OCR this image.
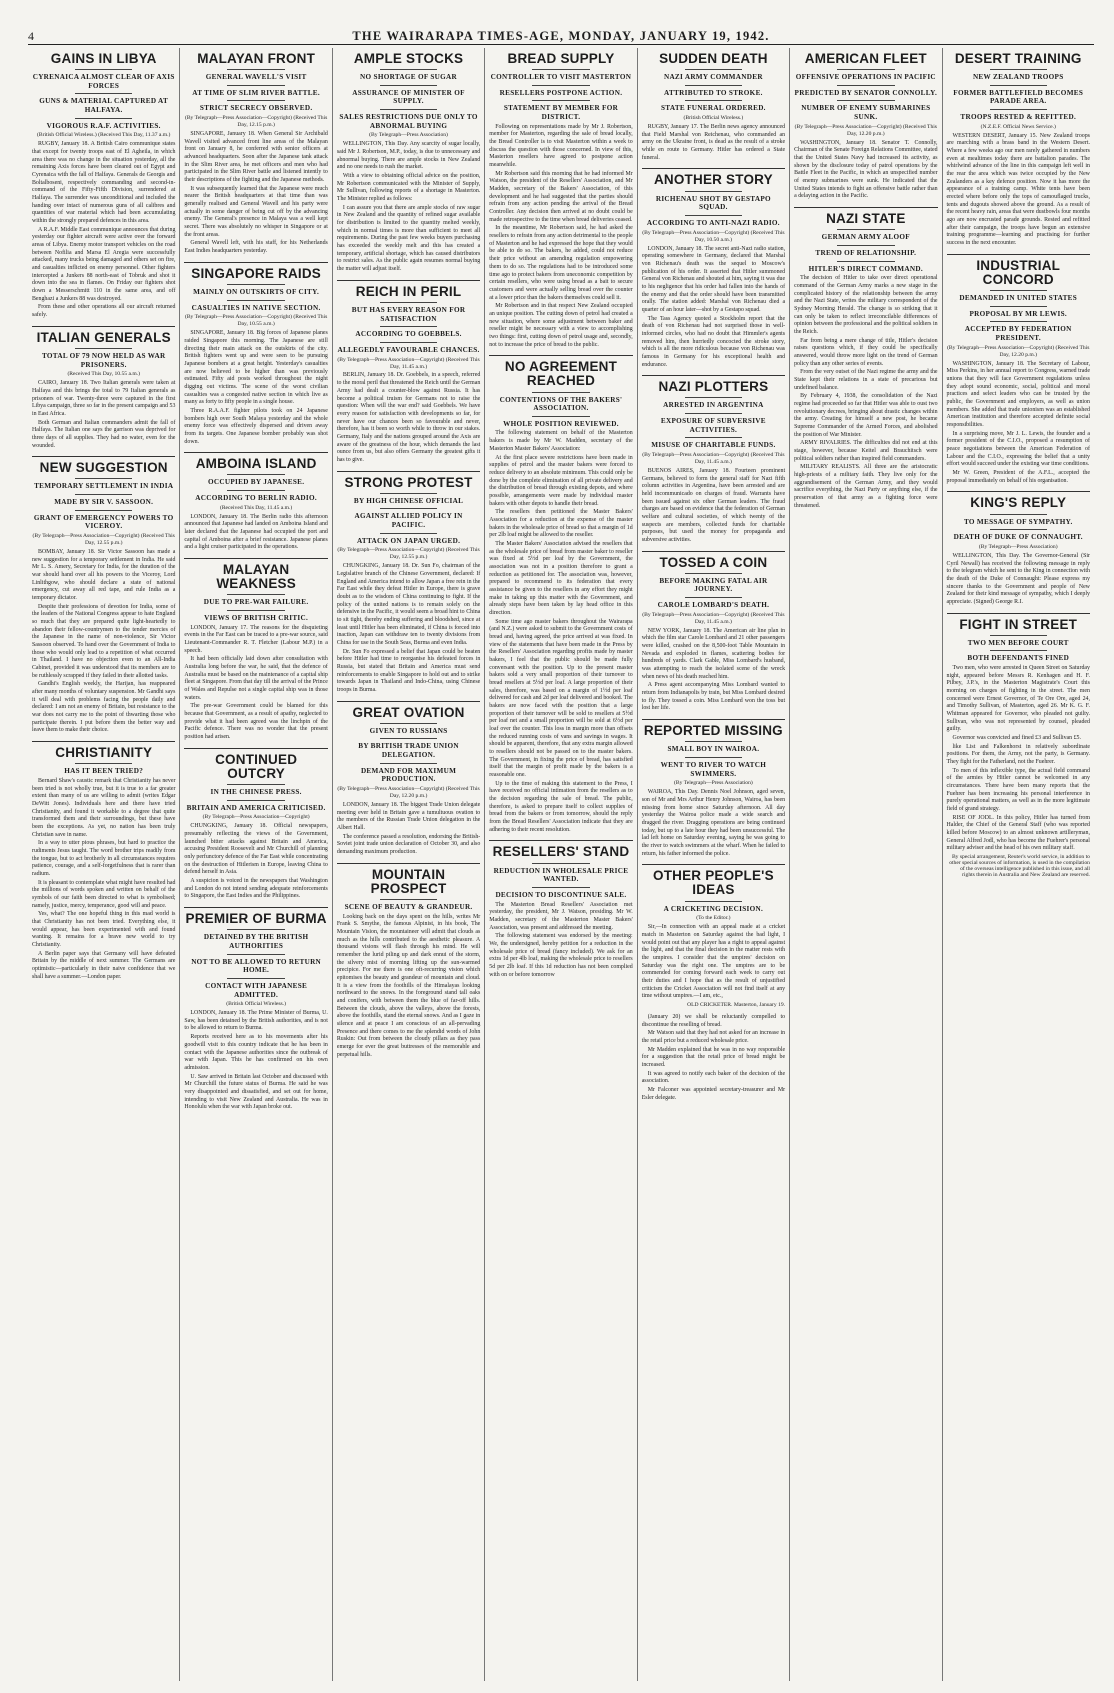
4	THE WAIRARAPA TIMES-AGE, MONDAY, JANUARY 19, 1942.
GAINS IN LIBYA
CYRENAICA ALMOST CLEAR OF AXIS FORCES
GUNS & MATERIAL CAPTURED AT HALFAYA.
VIGOROUS R.A.F. ACTIVITIES.
(British Official Wireless.) (Received This Day, 11.37 a.m.)

RUGBY, January 18. A British Cairo communique states that except for twenty troops east of El Agheila, in which area there was no change in the situation yesterday, all the remaining Axis forces have been cleared out of Egypt and Cyrenaica with the fall of Halfaya. Generals de Georgis and Boltalboseni, respectively commanding and second-in-command of the Fifty-Fifth Division, surrendered at Halfaya. The surrender was unconditional and included the handing over intact of numerous guns of all calibres and quantities of war material which had been accumulating within the strongly prepared defences in this area.

A R.A.F. Middle East communique announces that during yesterday our fighter aircraft were active over the forward areas of Libya. Enemy motor transport vehicles on the road between Nofilia and Marsa El Aregia were successfully attacked, many trucks being damaged and others set on fire, and casualties inflicted on enemy personnel. Other fighters intercepted a Junkers 88 north-east of Tobruk and shot it down into the sea in flames. On Friday our fighters shot down a Messerschmitt 110 in the same area, and off Benghazi a Junkers 88 was destroyed.

From these and other operations all our aircraft returned safely.

ITALIAN GENERALS
TOTAL OF 79 NOW HELD AS WAR PRISONERS.
(Received This Day, 10.55 a.m.)

CAIRO, January 18. Two Italian generals were taken at Halfaya and this brings the total to 79 Italian generals as prisoners of war. Twenty-three were captured in the first Libya campaign, three so far in the present campaign and 53 in East Africa.

Both German and Italian commanders admit the fall of Halfaya. The Italian one says the garrison was deprived for three days of all supplies. They had no water, even for the wounded.

NEW SUGGESTION
TEMPORARY SETTLEMENT IN INDIA
MADE BY SIR V. SASSOON.
GRANT OF EMERGENCY POWERS TO VICEROY.
(By Telegraph—Press Association—Copyright) (Received This Day, 12.55 p.m.)

BOMBAY, January 18. Sir Victor Sassoon has made a new suggestion for a temporary settlement in India. He said Mr L. S. Amery, Secretary for India, for the duration of the war should hand over all his powers to the Viceroy, Lord Linlithgow, who should declare a state of national emergency, cut away all red tape, and rule India as a temporary dictator.

Despite their professions of devotion for India, some of the leaders of the National Congress appear to hate England so much that they are prepared quite light-heartedly to abandon their fellow-countrymen to the tender mercies of the Japanese in the name of non-violence, Sir Victor Sassoon observed. To hand over the Government of India to those who would only lead to a repetition of what occurred in Thailand. I have no objection even to an All-India Cabinet, provided it was understood that its members are to be ruthlessly scrapped if they failed in their allotted tasks.

Gandhi's English weekly, the Harijan, has reappeared after many months of voluntary suspension. Mr Gandhi says it will deal with problems facing the people daily and declared: I am not an enemy of Britain, but resistance to the war does not carry me to the point of thwarting those who participate therein. I put before them the better way and leave them to make their choice.

CHRISTIANITY
HAS IT BEEN TRIED?

Bernard Shaw's caustic remark that Christianity has never been tried is not wholly true, but it is true to a far greater extent than many of us are willing to admit (writes Edgar DeWitt Jones). Individuals here and there have tried Christianity, and found it workable to a degree that quite transformed them and their surroundings, but these have been the exceptions. As yet, no nation has been truly Christian save in name.

In a way to utter pious phrases, but hard to practice the rudiments Jesus taught. The word brother trips readily from the tongue, but to act brotherly in all circumstances requires patience, courage, and a self-forgetfulness that is rarer than radium.

It is pleasant to contemplate what might have resulted had the millions of words spoken and written on behalf of the symbols of our faith been directed to what is symbolised; namely, justice, mercy, temperance, good will and peace.

Yes, what? The one hopeful thing in this mad world is that Christianity has not been tried. Everything else, it would appear, has been experimented with and found wanting. It remains for a brave new world to try Christianity.

A Berlin paper says that Germany will have defeated Britain by the middle of next summer. The Germans are optimistic—particularly in their naive confidence that we shall have a summer.—London paper.

MALAYAN FRONT
GENERAL WAVELL'S VISIT
AT TIME OF SLIM RIVER BATTLE.
STRICT SECRECY OBSERVED.
(By Telegraph—Press Association—Copyright) (Received This Day, 12.15 p.m.)

SINGAPORE, January 18. When General Sir Archibald Wavell visited advanced front line areas of the Malayan front on January 8, he conferred with senior officers at advanced headquarters. Soon after the Japanese tank attack in the Slim River area, he met officers and men who had participated in the Slim River battle and listened intently to their descriptions of the fighting and the Japanese methods.

It was subsequently learned that the Japanese were much nearer the British headquarters at that time than was generally realised and General Wavell and his party were actually in some danger of being cut off by the advancing enemy. The General's presence in Malaya was a well kept secret. There was absolutely no whisper in Singapore or at the front areas.

General Wavell left, with his staff, for his Netherlands East Indies headquarters yesterday.

SINGAPORE RAIDS
MAINLY ON OUTSKIRTS OF CITY.
CASUALTIES IN NATIVE SECTION.
(By Telegraph—Press Association—Copyright) (Received This Day, 10.55 a.m.)

SINGAPORE, January 18. Big forces of Japanese planes raided Singapore this morning. The Japanese are still directing their main attack on the outskirts of the city. British fighters went up and were seen to be pursuing Japanese bombers at a great height. Yesterday's casualties are now believed to be higher than was previously estimated. Fifty aid posts worked throughout the night digging out victims. The scene of the worst civilian casualties was a congested native section in which live as many as forty to fifty people in a single house.

Three R.A.A.F. fighter pilots took on 24 Japanese bombers high over South Malaya yesterday and the whole enemy force was effectively dispersed and driven away from its targets. One Japanese bomber probably was shot down.

AMBOINA ISLAND
OCCUPIED BY JAPANESE.
ACCORDING TO BERLIN RADIO.
(Received This Day, 11.45 a.m.)

LONDON, January 18. The Berlin radio this afternoon announced that Japanese had landed on Amboina Island and later declared that the Japanese had occupied the port and capital of Amboina after a brief resistance. Japanese planes and a light cruiser participated in the operations.

MALAYAN WEAKNESS
DUE TO PRE-WAR FAILURE.
VIEWS OF BRITISH CRITIC.

LONDON, January 17. The reasons for the disquieting events in the Far East can be traced to a pre-war source, said Lieutenant-Commander R. T. Fletcher (Labour M.P.) in a speech.

It had been officially laid down after consultation with Australia long before the war, he said, that the defence of Australia must be based on the maintenance of a capital ship fleet at Singapore. From that day till the arrival of the Prince of Wales and Repulse not a single capital ship was in those waters.

The pre-war Government could be blamed for this because that Government, as a result of apathy, neglected to provide what it had been agreed was the linchpin of the Pacific defence. There was no wonder that the present position had arisen.

CONTINUED OUTCRY
IN THE CHINESE PRESS.
BRITAIN AND AMERICA CRITICISED.
(By Telegraph—Press Association—Copyright)

CHUNGKING, January 18. Official newspapers, presumably reflecting the views of the Government, launched bitter attacks against Britain and America, accusing President Roosevelt and Mr Churchill of planning only perfunctory defence of the Far East while concentrating on the destruction of Hitlerism in Europe, leaving China to defend herself in Asia.

A suspicion is voiced in the newspapers that Washington and London do not intend sending adequate reinforcements to Singapore, the East Indies and the Philippines.

PREMIER OF BURMA
DETAINED BY THE BRITISH AUTHORITIES
NOT TO BE ALLOWED TO RETURN HOME.
CONTACT WITH JAPANESE ADMITTED.
(British Official Wireless.)

LONDON, January 18. The Prime Minister of Burma, U. Saw, has been detained by the British authorities, and is not to be allowed to return to Burma.

Reports received here as to his movements after his goodwill visit to this country indicate that he has been in contact with the Japanese authorities since the outbreak of war with Japan. This he has confirmed on his own admission.

U. Saw arrived in Britain last October and discussed with Mr Churchill the future status of Burma. He said he was very disappointed and dissatisfied, and set out for home, intending to visit New Zealand and Australia. He was in Honolulu when the war with Japan broke out.

AMPLE STOCKS
NO SHORTAGE OF SUGAR
ASSURANCE OF MINISTER OF SUPPLY.
SALES RESTRICTIONS DUE ONLY TO ABNORMAL BUYING
(By Telegraph—Press Association)

WELLINGTON, This Day. Any scarcity of sugar locally, said Mr J. Robertson, M.P., today, is due to unnecessary and abnormal buying. There are ample stocks in New Zealand and no one needs to rush the market.

With a view to obtaining official advice on the position, Mr Robertson communicated with the Minister of Supply, Mr Sullivan, following reports of a shortage in Masterton. The Minister replied as follows:

I can assure you that there are ample stocks of raw sugar in New Zealand and the quantity of refined sugar available for distribution is limited to the quantity melted weekly, which in normal times is more than sufficient to meet all requirements. During the past few weeks buyers purchasing has exceeded the weekly melt and this has created a temporary, artificial shortage, which has caused distributors to restrict sales. As the public again resumes normal buying the matter will adjust itself.

REICH IN PERIL
BUT HAS EVERY REASON FOR SATISFACTION
ACCORDING TO GOEBBELS.
ALLEGEDLY FAVOURABLE CHANCES.
(By Telegraph—Press Association—Copyright) (Received This Day, 11.45 a.m.)

BERLIN, January 18. Dr. Goebbels, in a speech, referred to the moral peril that threatened the Reich until the German Army had dealt a counter-blow against Russia. It has become a political truism for Germans not to raise the question: When will the war end? said Goebbels. We have every reason for satisfaction with developments so far, for never have our chances been so favourable and never, therefore, has it been so worth while to throw in our stakes. Germany, Italy and the nations grouped around the Axis are aware of the greatness of the hour, which demands the last ounce from us, but also offers Germany the greatest gifts it has to give.

STRONG PROTEST
BY HIGH CHINESE OFFICIAL
AGAINST ALLIED POLICY IN PACIFIC.
ATTACK ON JAPAN URGED.
(By Telegraph—Press Association—Copyright) (Received This Day, 12.55 p.m.)

CHUNGKING, January 18. Dr. Sun Fo, chairman of the Legislative branch of the Chinese Government, declared: If England and America intend to allow Japan a free rein in the Far East while they defeat Hitler in Europe, there is grave doubt as to the wisdom of China continuing to fight. If the policy of the united nations is to remain solely on the defensive in the Pacific, it would seem a broad hint to China to sit tight, thereby ending suffering and bloodshed, since at least until Hitler has been eliminated, if China is forced into inaction, Japan can withdraw ten to twenty divisions from China for use in the South Seas, Burma and even India.

Dr. Sun Fo expressed a belief that Japan could be beaten before Hitler had time to reorganise his defeated forces in Russia, but stated that Britain and America must send reinforcements to enable Singapore to hold out and to strike towards Japan in Thailand and Indo-China, using Chinese troops in Burma.

GREAT OVATION
GIVEN TO RUSSIANS
BY BRITISH TRADE UNION DELEGATION.
DEMAND FOR MAXIMUM PRODUCTION.
(By Telegraph—Press Association—Copyright) (Received This Day, 12.20 p.m.)

LONDON, January 18. The biggest Trade Union delegate meeting ever held in Britain gave a tumultuous ovation to the members of the Russian Trade Union delegation in the Albert Hall.

The conference passed a resolution, endorsing the British-Soviet joint trade union declaration of October 30, and also demanding maximum production.

MOUNTAIN PROSPECT
SCENE OF BEAUTY & GRANDEUR.

Looking back on the days spent on the hills, writes Mr Frank S. Smythe, the famous Alpinist, in his book, The Mountain Vision, the mountaineer will admit that clouds as much as the hills contributed to the aesthetic pleasure. A thousand visions will flash through his mind. He will remember the lurid piling up and dark ennui of the storm, the silvery mist of morning lifting up the sun-warmed precipice. For me there is one oft-recurring vision which epitomises the beauty and grandeur of mountain and cloud. It is a view from the foothills of the Himalayas looking northward to the snows. In the foreground stand tall oaks and conifers, with between them the blue of far-off hills. Between the clouds, above the valleys, above the forests, above the foothills, stand the eternal snows. And as I gaze in silence and at peace I am conscious of an all-pervading Presence and there comes to me the splendid words of John Ruskin: Out from between the cloudy pillars as they pass emerge for ever the great buttresses of the memorable and perpetual hills.

BREAD SUPPLY
CONTROLLER TO VISIT MASTERTON
RESELLERS POSTPONE ACTION.
STATEMENT BY MEMBER FOR DISTRICT.

Following on representations made by Mr J. Robertson, member for Masterton, regarding the sale of bread locally, the Bread Controller is to visit Masterton within a week to discuss the question with those concerned. In view of this, Masterton resellers have agreed to postpone action meanwhile.

Mr Robertson said this morning that he had informed Mr Watson, the president of the Resellers' Association, and Mr Madden, secretary of the Bakers' Association, of this development and he had suggested that the parties should refrain from any action pending the arrival of the Bread Controller. Any decision then arrived at no doubt could be made retrospective to the time when bread deliveries ceased.

In the meantime, Mr Robertson said, he had asked the resellers to refrain from any action detrimental to the people of Masterton and he had expressed the hope that they would be able to do so. The bakers, he added, could not reduce their price without an amending regulation empowering them to do so. The regulations had to be introduced some time ago to protect bakers from uneconomic competition by certain resellers, who were using bread as a bait to secure customers and were actually selling bread over the counter at a lower price than the bakers themselves could sell it.

Mr Robertson and in that respect New Zealand occupied an unique position. The cutting down of petrol had created a new situation, where some adjustment between baker and reseller might be necessary with a view to accomplishing two things: first, cutting down of petrol usage and, secondly, not to increase the price of bread to the public.

NO AGREEMENT REACHED
CONTENTIONS OF THE BAKERS' ASSOCIATION.
WHOLE POSITION REVIEWED.

The following statement on behalf of the Masterton bakers is made by Mr W. Madden, secretary of the Masterton Master Bakers' Association:

At the first place severe restrictions have been made in supplies of petrol and the master bakers were forced to reduce delivery to an absolute minimum. This could only be done by the complete elimination of all private delivery and the distribution of bread through existing depots, and where possible, arrangements were made by individual master bakers with other depots to handle their bread.

The resellers then petitioned the Master Bakers' Association for a reduction at the expense of the master bakers in the wholesale price of bread so that a margin of 1d per 2lb loaf might be allowed to the reseller.

The Master Bakers' Association advised the resellers that as the wholesale price of bread from master baker to reseller was fixed at 5½d per loaf by the Government, the association was not in a position therefore to grant a reduction as petitioned for. The association was, however, prepared to recommend to its federation that every assistance be given to the resellers in any effort they might make in taking up this matter with the Government, and already steps have been taken by lay head office in this direction.

Some time ago master bakers throughout the Wairarapa (and N.Z.) were asked to submit to the Government costs of bread and, having agreed, the price arrived at was fixed. In view of the statements that have been made in the Press by the Resellers' Association regarding profits made by master bakers, I feel that the public should be made fully conversant with the position. Up to the present master bakers sold a very small proportion of their turnover to bread resellers at 5½d per loaf. A large proportion of their sales, therefore, was based on a margin of 1½d per loaf delivered for cash and 2d per loaf delivered and booked. The bakers are now faced with the position that a large proportion of their turnover will be sold to resellers at 5½d per loaf net and a small proportion will be sold at 6½d per loaf over the counter. This loss in margin more than offsets the reduced running costs of vans and savings in wages. It should be apparent, therefore, that any extra margin allowed to resellers should not be passed on to the master bakers. The Government, in fixing the price of bread, has satisfied itself that the margin of profit made by the bakers is a reasonable one.

Up to the time of making this statement to the Press, I have received no official intimation from the resellers as to the decision regarding the sale of bread. The public, therefore, is asked to prepare itself to collect supplies of bread from the bakers or from tomorrow, should the reply from the Bread Resellers' Association indicate that they are adhering to their recent resolution.

RESELLERS' STAND
REDUCTION IN WHOLESALE PRICE WANTED.
DECISION TO DISCONTINUE SALE.

The Masterton Bread Resellers' Association met yesterday, the president, Mr J. Watson, presiding. Mr W. Madden, secretary of the Masterton Master Bakers' Association, was present and addressed the meeting.

The following statement was endorsed by the meeting: We, the undersigned, hereby petition for a reduction in the wholesale price of bread (fancy included). We ask for an extra 1d per 4lb loaf, making the wholesale price to resellers 5d per 2lb loaf. If this 1d reduction has not been complied with on or before tomorrow

SUDDEN DEATH
NAZI ARMY COMMANDER
ATTRIBUTED TO STROKE.
STATE FUNERAL ORDERED.
(British Official Wireless.)

RUGBY, January 17. The Berlin news agency announced that Field Marshal von Reichenau, who commanded an army on the Ukraine front, is dead as the result of a stroke while en route to Germany. Hitler has ordered a State funeral.

ANOTHER STORY
RICHENAU SHOT BY GESTAPO SQUAD.
ACCORDING TO ANTI-NAZI RADIO.
(By Telegraph—Press Association—Copyright) (Received This Day, 10.50 a.m.)

LONDON, January 18. The secret anti-Nazi radio station, operating somewhere in Germany, declared that Marshal von Richenau's death was the sequel to Moscow's publication of his order. It asserted that Hitler summoned General von Richenau and shouted at him, saying it was due to his negligence that his order had fallen into the hands of the enemy and that the order should have been transmitted orally. The station added: Marshal von Richenau died a quarter of an hour later—shot by a Gestapo squad.

The Tass Agency quoted a Stockholm report that the death of von Richenau had not surprised those in well-informed circles, who had no doubt that Himmler's agents removed him, then hurriedly concocted the stroke story, which is all the more ridiculous because von Richenau was famous in Germany for his exceptional health and endurance.

NAZI PLOTTERS
ARRESTED IN ARGENTINA
EXPOSURE OF SUBVERSIVE ACTIVITIES.
MISUSE OF CHARITABLE FUNDS.
(By Telegraph—Press Association—Copyright) (Received This Day, 11.45 a.m.)

BUENOS AIRES, January 18. Fourteen prominent Germans, believed to form the general staff for Nazi fifth column activities in Argentina, have been arrested and are held incommunicado on charges of fraud. Warrants have been issued against six other German leaders. The fraud charges are based on evidence that the federation of German welfare and cultural societies, of which twenty of the suspects are members, collected funds for charitable purposes, but used the money for propaganda and subversive activities.

TOSSED A COIN
BEFORE MAKING FATAL AIR JOURNEY.
CAROLE LOMBARD'S DEATH.
(By Telegraph—Press Association—Copyright) (Received This Day, 11.45 a.m.)

NEW YORK, January 18. The American air line plan in which the film star Carole Lombard and 21 other passengers were killed, crashed on the 8,500-foot Table Mountain in Nevada and exploded in flames, scattering bodies for hundreds of yards. Clark Gable, Miss Lombard's husband, was attempting to reach the isolated scene of the wreck when news of his death reached him.

A Press agent accompanying Miss Lombard wanted to return from Indianapolis by train, but Miss Lombard desired to fly. They tossed a coin. Miss Lombard won the toss but lost her life.

REPORTED MISSING
SMALL BOY IN WAIROA.
WENT TO RIVER TO WATCH SWIMMERS.
(By Telegraph—Press Association)

WAIROA, This Day. Dennis Noel Johnson, aged seven, son of Mr and Mrs Arthur Henry Johnson, Wairoa, has been missing from home since Saturday afternoon. All day yesterday the Wairoa police made a wide search and dragged the river. Dragging operations are being continued today, but up to a late hour they had been unsuccessful. The lad left home on Saturday evening, saying he was going to the river to watch swimmers at the wharf. When he failed to return, his father informed the police.

OTHER PEOPLE'S IDEAS
A CRICKETING DECISION.
(To the Editor.)

Sir,—In connection with an appeal made at a cricket match in Masterton on Saturday against the bad light, I would point out that any player has a right to appeal against the light, and that the final decision in the matter rests with the umpires. I consider that the umpires' decision on Saturday was the right one. The umpires are to be commended for coming forward each week to carry out their duties and I hope that as the result of unjustified criticism the Cricket Association will not find itself at any time without umpires.—I am, etc.,

OLD CRICKETER. Masterton, January 19.

(January 20) we shall be reluctantly compelled to discontinue the reselling of bread.

Mr Watson said that they had not asked for an increase in the retail price but a reduced wholesale price.

Mr Madden explained that he was in no way responsible for a suggestion that the retail price of bread might be increased.

It was agreed to notify each baker of the decision of the association.

Mr Falconer was appointed secretary-treasurer and Mr Esler delegate.

AMERICAN FLEET
OFFENSIVE OPERATIONS IN PACIFIC
PREDICTED BY SENATOR CONNOLLY.
NUMBER OF ENEMY SUBMARINES SUNK.
(By Telegraph—Press Association—Copyright) (Received This Day, 12.20 p.m.)

WASHINGTON, January 18. Senator T. Connolly, Chairman of the Senate Foreign Relations Committee, stated that the United States Navy had increased its activity, as shown by the disclosure today of patrol operations by the Battle Fleet in the Pacific, in which an unspecified number of enemy submarines were sunk. He indicated that the United States intends to fight an offensive battle rather than a delaying action in the Pacific.

NAZI STATE
GERMAN ARMY ALOOF
TREND OF RELATIONSHIP.
HITLER'S DIRECT COMMAND.

The decision of Hitler to take over direct operational command of the German Army marks a new stage in the complicated history of the relationship between the army and the Nazi State, writes the military correspondent of the Sydney Morning Herald. The change is so striking that it can only be taken to reflect irreconcilable differences of opinion between the professional and the political soldiers in the Reich.

Far from being a mere change of title, Hitler's decision raises questions which, if they could be specifically answered, would throw more light on the trend of German policy than any other series of events.

From the very outset of the Nazi regime the army and the State kept their relations in a state of precarious but undefined balance.

By February 4, 1938, the consolidation of the Nazi regime had proceeded so far that Hitler was able to oust two revolutionary decrees, bringing about drastic changes within the army. Creating for himself a new post, he became Supreme Commander of the Armed Forces, and abolished the position of War Minister.

ARMY RIVALRIES. The difficulties did not end at this stage, however, because Keitel and Brauchitsch were political soldiers rather than inspired field commanders.

MILITARY REALISTS. All three are the aristocratic high-priests of a military faith. They live only for the aggrandisement of the German Army, and they would sacrifice everything, the Nazi Party or anything else, if the preservation of that army as a fighting force were threatened.

DESERT TRAINING
NEW ZEALAND TROOPS
FORMER BATTLEFIELD BECOMES PARADE AREA.
TROOPS RESTED & REFITTED.
(N.Z.E.F. Official News Service.)

WESTERN DESERT, January 15. New Zealand troops are marching with a brass band in the Western Desert. Where a few weeks ago our men rarely gathered in numbers even at mealtimes today there are battalion parades. The whirlwind advance of the line in this campaign left well in the rear the area which was twice occupied by the New Zealanders as a key defence position. Now it has more the appearance of a training camp. White tents have been erected where before only the tops of camouflaged trucks, tents and dugouts showed above the ground. As a result of the recent heavy rain, areas that were dustbowls four months ago are now encrusted parade grounds. Rested and refitted after their campaign, the troops have begun an extensive training programme—learning and practising for further success in the next encounter.

INDUSTRIAL CONCORD
DEMANDED IN UNITED STATES
PROPOSAL BY MR LEWIS.
ACCEPTED BY FEDERATION PRESIDENT.
(By Telegraph—Press Association—Copyright) (Received This Day, 12.20 p.m.)

WASHINGTON, January 18. The Secretary of Labour, Miss Perkins, in her annual report to Congress, warned trade unions that they will face Government regulations unless they adopt sound economic, social, political and moral practices and select leaders who can be trusted by the public, the Government and employers, as well as union members. She added that trade unionism was an established American institution and therefore accepted definite social responsibilities.

In a surprising move, Mr J. L. Lewis, the founder and a former president of the C.I.O., proposed a resumption of peace negotiations between the American Federation of Labour and the C.I.O., expressing the belief that a unity effort would succeed under the existing war time conditions.

Mr W. Green, President of the A.F.L., accepted the proposal immediately on behalf of his organisation.

KING'S REPLY
TO MESSAGE OF SYMPATHY.
DEATH OF DUKE OF CONNAUGHT.
(By Telegraph—Press Association)

WELLINGTON, This Day. The Governor-General (Sir Cyril Newall) has received the following message in reply to the telegram which he sent to the King in connection with the death of the Duke of Connaught: Please express my sincere thanks to the Government and people of New Zealand for their kind message of sympathy, which I deeply appreciate. (Signed) George R.I.

FIGHT IN STREET
TWO MEN BEFORE COURT
BOTH DEFENDANTS FINED

Two men, who were arrested in Queen Street on Saturday night, appeared before Messrs R. Kenhagen and H. F. Pilbey, J.P.'s, in the Masterton Magistrate's Court this morning on charges of fighting in the street. The men concerned were Ernest Governor, of Te Ore Ore, aged 24, and Timothy Sullivan, of Masterton, aged 26. Mr K. G. F. Whitman appeared for Governor, who pleaded not guilty. Sullivan, who was not represented by counsel, pleaded guilty.

Governor was convicted and fined £3 and Sullivan £5.

like List and Falkenhorst in relatively subordinate positions. For them, the Army, not the party, is Germany. They fight for the Fatherland, not the Fuehrer.

To men of this inflexible type, the actual field command of the armies by Hitler cannot be welcomed in any circumstances. There have been many reports that the Fuehrer has been increasing his personal interference in purely operational matters, as well as in the more legitimate field of grand strategy.

RISE OF JODL. In this policy, Hitler has turned from Halder, the Chief of the General Staff (who was reported killed before Moscow) to an almost unknown artilleryman, General Alfred Jodl, who has become the Fuehrer's personal military adviser and the head of his own military staff.

By special arrangement, Reuter's world service, in addition to other special sources of information, is used in the compilation of the overseas intelligence published in this issue, and all rights therein in Australia and New Zealand are reserved.
